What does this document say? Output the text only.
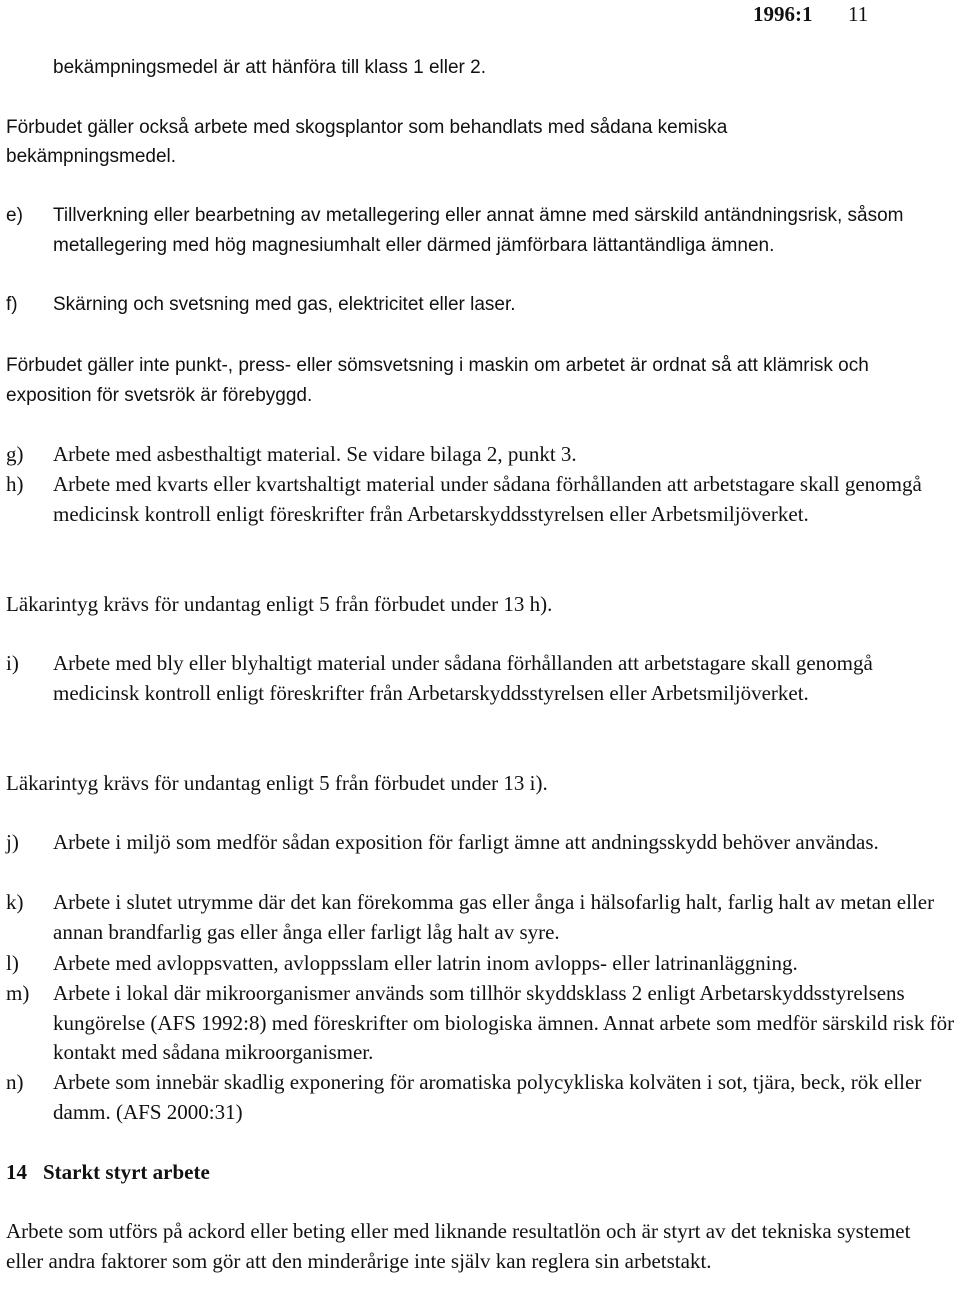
1996:1 11

bekämpningsmedel är att hänföra till klass 1 eller 2.

Förbudet gäller också arbete med skogsplantor som behandlats med sådana kemiska

bekämpningsmedel.

e)	Tillverkning eller bearbetning av metallegering eller annat ämne med särskild antändningsrisk, såsom metallegering med hög magnesiumhalt eller därmed jämförbara lättantändliga ämnen.
f)	Skärning och svetsning med gas, elektricitet eller laser.

Förbudet gäller inte punkt-, press- eller sömsvetsning i maskin om arbetet är ordnat så att klämrisk och exposition för svetsrök är förebyggd.

g)	Arbete med asbesthaltigt material. Se vidare bilaga 2, punkt 3.
h)	Arbete med kvarts eller kvartshaltigt material under sådana förhållanden att arbetstagare skall genomgå medicinsk kontroll enligt föreskrifter från Arbetarskyddsstyrelsen eller Arbetsmiljöverket.

Läkarintyg krävs för undantag enligt 5 från förbudet under 13 h).

i)	Arbete med bly eller blyhaltigt material under sådana förhållanden att arbetstagare skall genomgå medicinsk kontroll enligt föreskrifter från Arbetarskyddsstyrelsen eller Arbetsmiljöverket.

Läkarintyg krävs för undantag enligt 5 från förbudet under 13 i).

j)	Arbete i miljö som medför sådan exposition för farligt ämne att andningsskydd behöver användas.
k)	Arbete i slutet utrymme där det kan förekomma gas eller ånga i hälsofarlig halt, farlig halt av metan eller annan brandfarlig gas eller ånga eller farligt låg halt av syre.
l)	Arbete med avloppsvatten, avloppsslam eller latrin inom avlopps- eller latrinanläggning.
m)	Arbete i lokal där mikroorganismer används som tillhör skyddsklass 2 enligt Arbetarskyddsstyrelsens kungörelse (AFS 1992:8) med föreskrifter om biologiska ämnen. Annat arbete som medför särskild risk för kontakt med sådana mikroorganismer.
n)	Arbete som innebär skadlig exponering för aromatiska polycykliska kolväten i sot, tjära, beck, rök eller damm. (AFS 2000:31)
14 Starkt styrt arbete

Arbete som utförs på ackord eller beting eller med liknande resultatlön och är styrt av det tekniska systemet eller andra faktorer som gör att den minderårige inte själv kan reglera sin arbetstakt.
